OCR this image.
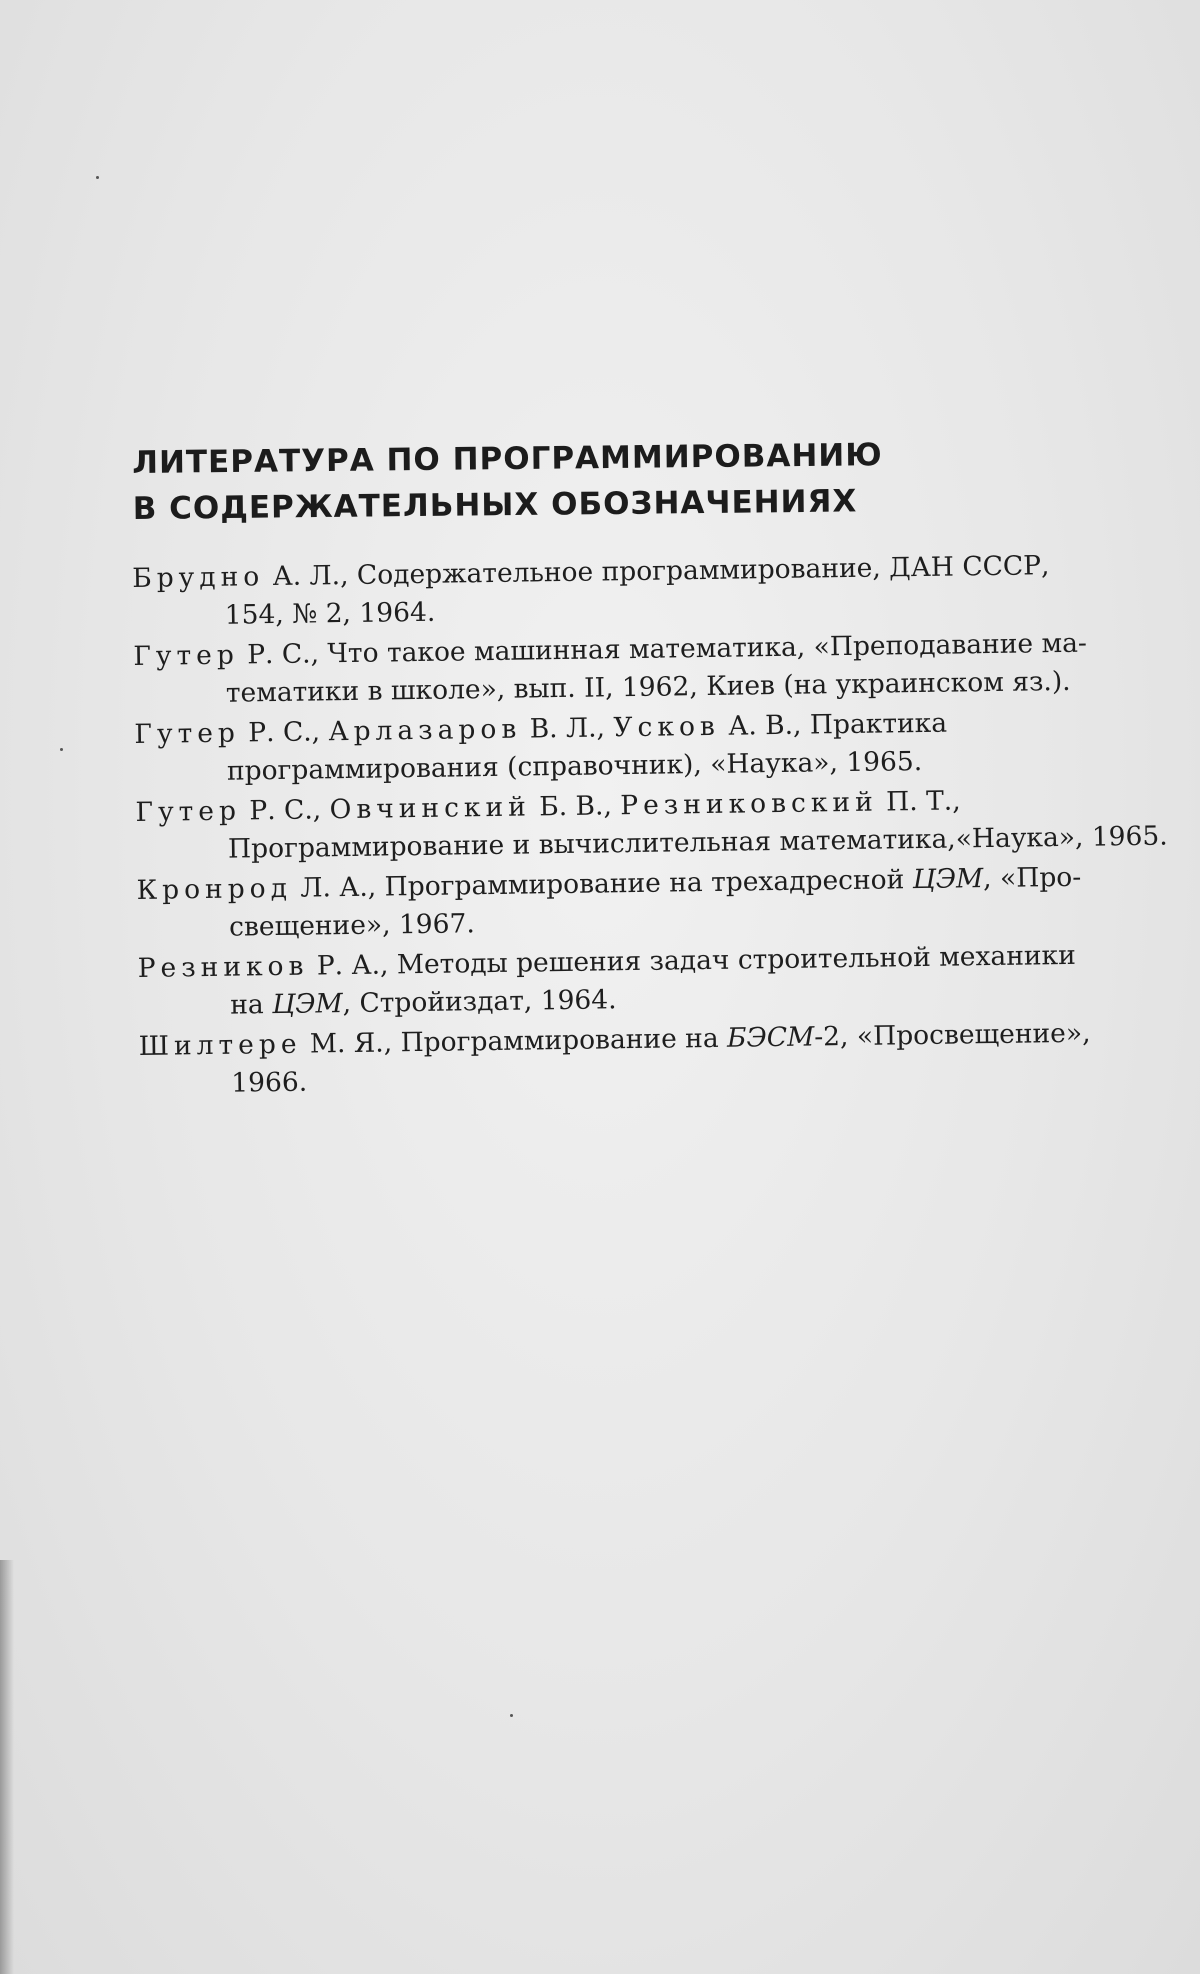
ЛИТЕРАТУРА ПО ПРОГРАММИРОВАНИЮ
В СОДЕРЖАТЕЛЬНЫХ ОБОЗНАЧЕНИЯХ
Брудно А. Л., Содержательное программирование, ДАН СССР,
154, № 2, 1964.
Гутер Р. С., Что такое машинная математика, «Преподавание ма-
тематики в школе», вып. II, 1962, Киев (на украинском яз.).
Гутер Р. С., Арлазаров В. Л., Усков А. В., Практика
программирования (справочник), «Наука», 1965.
Гутер Р. С., Овчинский Б. В., Резниковский П. Т.,
Программирование и вычислительная математика,«Наука», 1965.
Кронрод Л. А., Программирование на трехадресной ЦЭМ, «Про-
свещение», 1967.
Резников Р. А., Методы решения задач строительной механики
на ЦЭМ, Стройиздат, 1964.
Шилтере М. Я., Программирование на БЭСМ-2, «Просвещение»,
1966.
